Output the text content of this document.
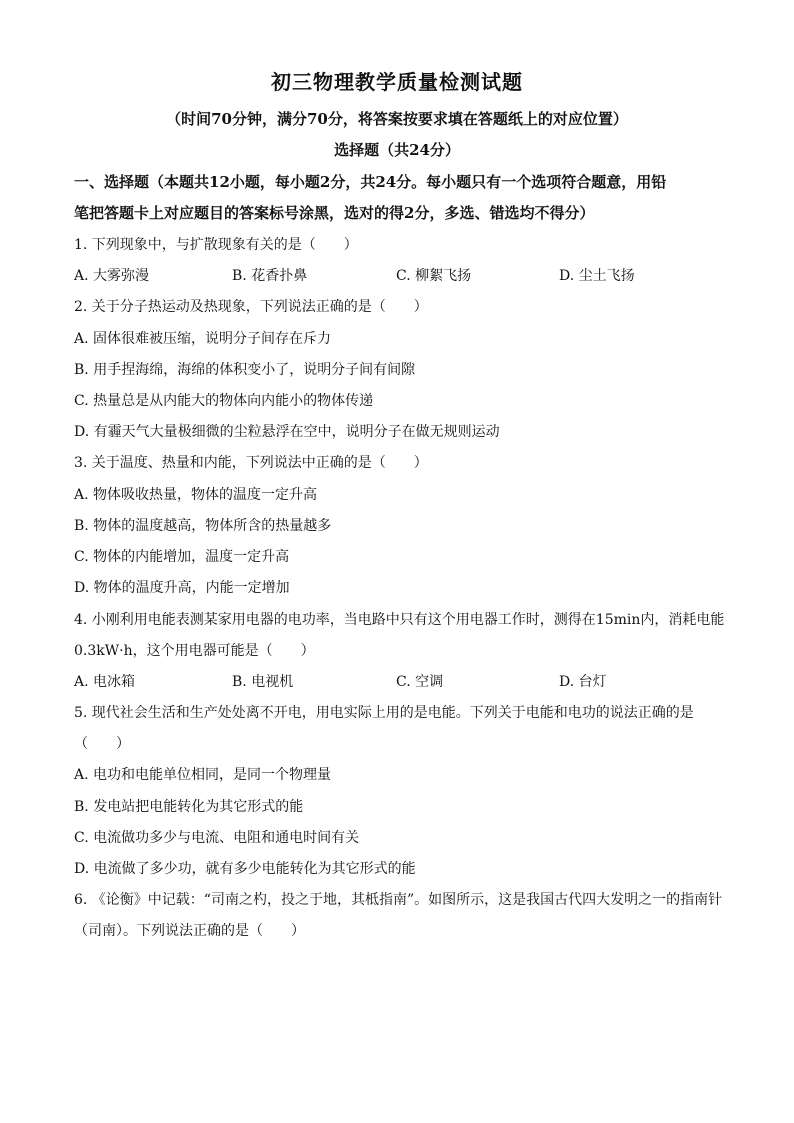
初三物理教学质量检测试题
（时间70分钟，满分70分，将答案按要求填在答题纸上的对应位置）
选择题（共24分）
一、选择题（本题共12小题，每小题2分，共24分。每小题只有一个选项符合题意，用铅
笔把答题卡上对应题目的答案标号涂黑，选对的得2分，多选、错选均不得分）
1. 下列现象中，与扩散现象有关的是（　　）
A. 大雾弥漫	B. 花香扑鼻	C. 柳絮飞扬	D. 尘土飞扬
2. 关于分子热运动及热现象，下列说法正确的是（　　）
A. 固体很难被压缩，说明分子间存在斥力
B. 用手捏海绵，海绵的体积变小了，说明分子间有间隙
C. 热量总是从内能大的物体向内能小的物体传递
D. 有霾天气大量极细微的尘粒悬浮在空中，说明分子在做无规则运动
3. 关于温度、热量和内能，下列说法中正确的是（　　）
A. 物体吸收热量，物体的温度一定升高
B. 物体的温度越高，物体所含的热量越多
C. 物体的内能增加，温度一定升高
D. 物体的温度升高，内能一定增加
4. 小刚利用电能表测某家用电器的电功率，当电路中只有这个用电器工作时，测得在15min内，消耗电能
0.3kW·h，这个用电器可能是（　　）
A. 电冰箱	B. 电视机	C. 空调	D. 台灯
5. 现代社会生活和生产处处离不开电，用电实际上用的是电能。下列关于电能和电功的说法正确的是
（　　）
A. 电功和电能单位相同，是同一个物理量
B. 发电站把电能转化为其它形式的能
C. 电流做功多少与电流、电阻和通电时间有关
D. 电流做了多少功，就有多少电能转化为其它形式的能
6. 《论衡》中记载：“司南之杓，投之于地，其柢指南”。如图所示，这是我国古代四大发明之一的指南针
（司南）。下列说法正确的是（　　）
